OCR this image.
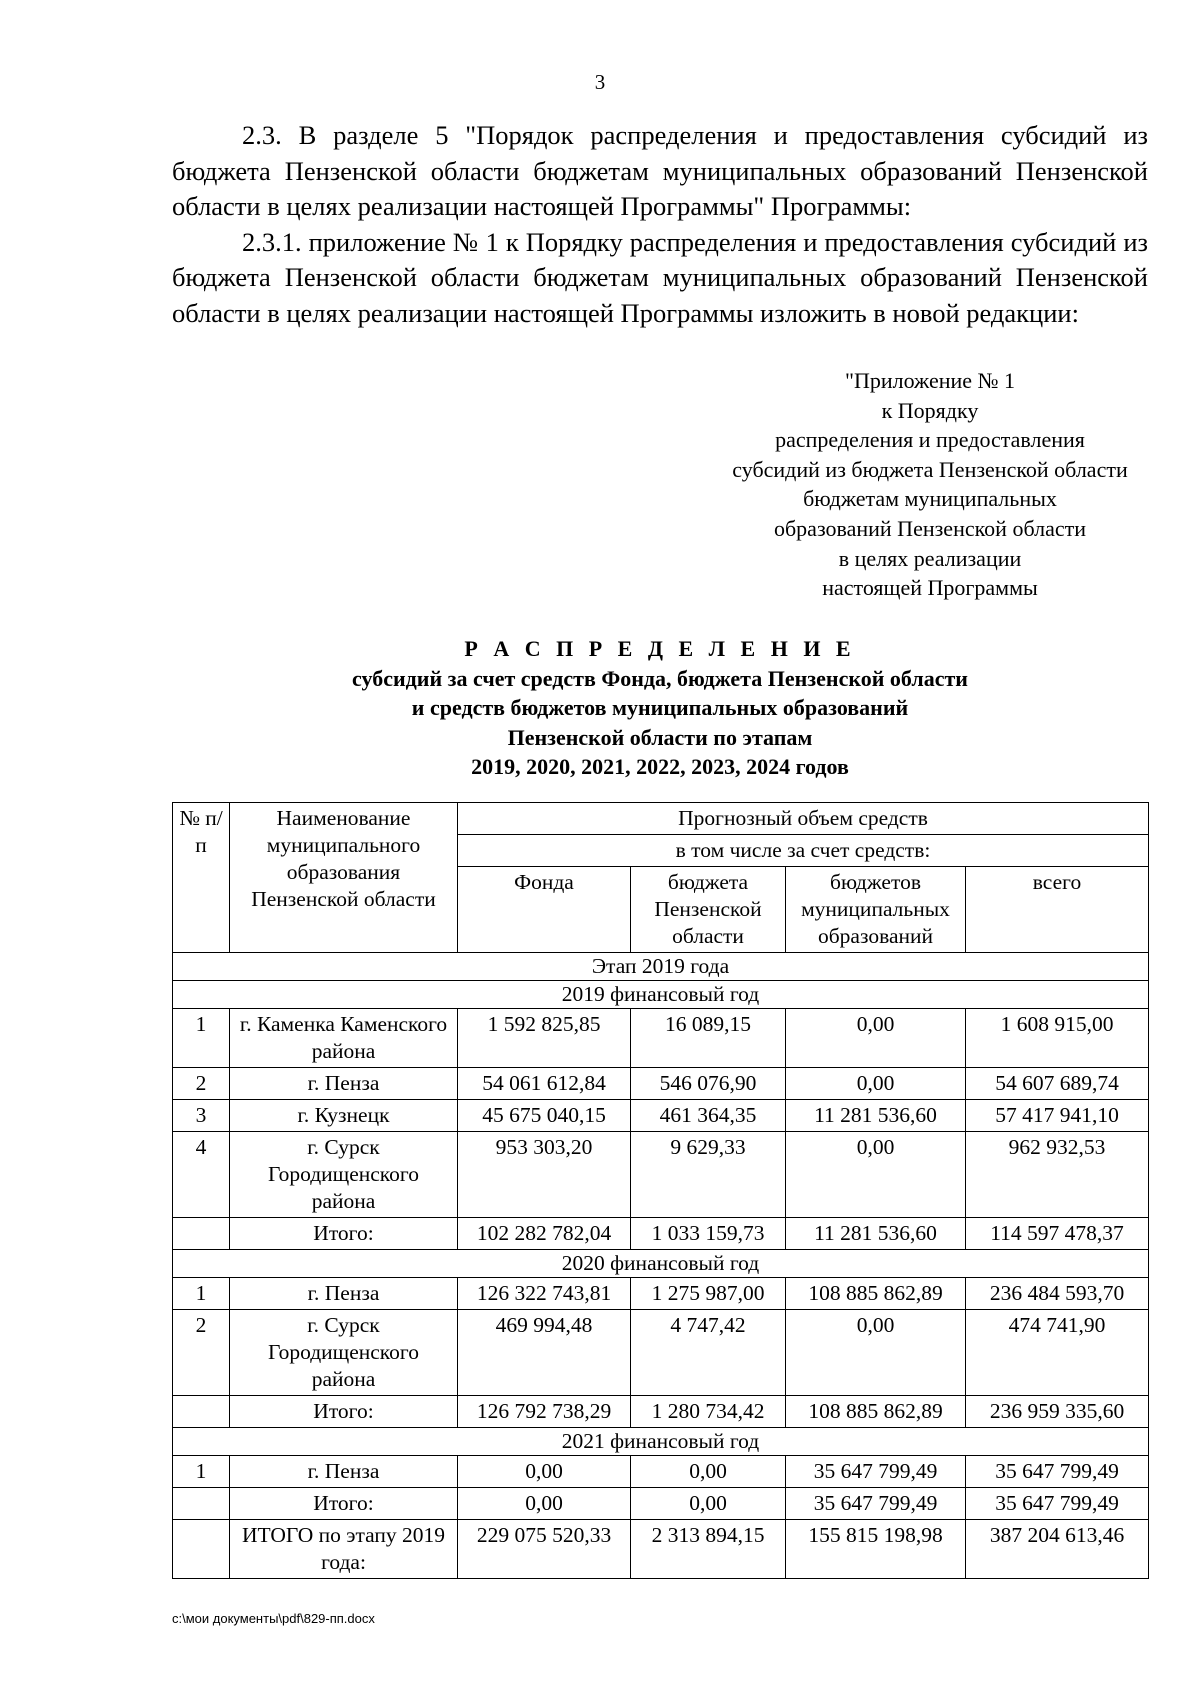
3

2.3. В разделе 5 "Порядок распределения и предоставления субсидий из бюджета Пензенской области бюджетам муниципальных образований Пензенской области в целях реализации настоящей Программы" Программы:

2.3.1. приложение № 1 к Порядку распределения и предоставления субсидий из бюджета Пензенской области бюджетам муниципальных образований Пензенской области в целях реализации настоящей Программы изложить в новой редакции:

"Приложение № 1
к Порядку
распределения и предоставления
субсидий из бюджета Пензенской области
бюджетам муниципальных
образований Пензенской области
в целях реализации
настоящей Программы
Р А С П Р Е Д Е Л Е Н И Е
субсидий за счет средств Фонда, бюджета Пензенской области
и средств бюджетов муниципальных образований
Пензенской области по этапам
2019, 2020, 2021, 2022, 2023, 2024 годов
№ п/п	Наименование муниципального образования Пензенской области	Прогнозный объем средств			
		в том числе за счет средств:			
		Фонда	бюджета Пензенской области	бюджетов муниципальных образований	всего
Этап 2019 года					
2019 финансовый год					
1	г. Каменка Каменского района	1 592 825,85	16 089,15	0,00	1 608 915,00
2	г. Пенза	54 061 612,84	546 076,90	0,00	54 607 689,74
3	г. Кузнецк	45 675 040,15	461 364,35	11 281 536,60	57 417 941,10
4	г. Сурск Городищенского района	953 303,20	9 629,33	0,00	962 932,53
	Итого:	102 282 782,04	1 033 159,73	11 281 536,60	114 597 478,37
2020 финансовый год					
1	г. Пенза	126 322 743,81	1 275 987,00	108 885 862,89	236 484 593,70
2	г. Сурск Городищенского района	469 994,48	4 747,42	0,00	474 741,90
	Итого:	126 792 738,29	1 280 734,42	108 885 862,89	236 959 335,60
2021 финансовый год					
1	г. Пенза	0,00	0,00	35 647 799,49	35 647 799,49
	Итого:	0,00	0,00	35 647 799,49	35 647 799,49
	ИТОГО по этапу 2019 года:	229 075 520,33	2 313 894,15	155 815 198,98	387 204 613,46
c:\мои документы\pdf\829-пп.docx
